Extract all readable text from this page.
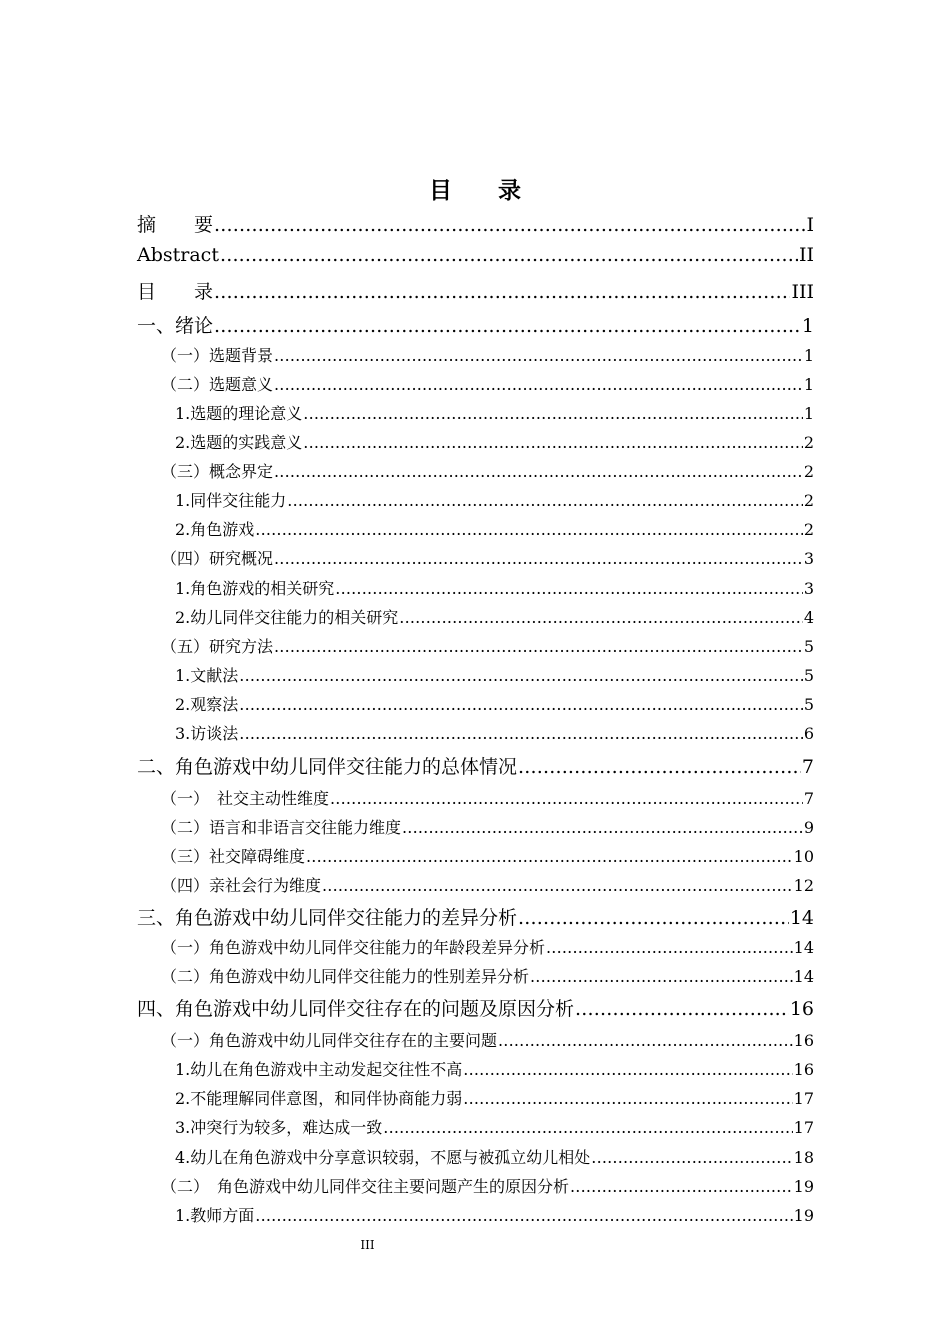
目　　录
摘　　要 .....	I
Abstract .....	II
目　　录 .....	III
一、绪论 .....	1
（一）选题背景 .....	1
（二）选题意义 .....	1
1.选题的理论意义 .....	1
2.选题的实践意义 .....	2
（三）概念界定 .....	2
1.同伴交往能力 .....	2
2.角色游戏 .....	2
（四）研究概况 .....	3
1.角色游戏的相关研究 .....	3
2.幼儿同伴交往能力的相关研究 .....	4
（五）研究方法 .....	5
1.文献法 .....	5
2.观察法 .....	5
3.访谈法 .....	6
二、角色游戏中幼儿同伴交往能力的总体情况 .....	7
（一）　社交主动性维度 .....	7
（二）语言和非语言交往能力维度 .....	9
（三）社交障碍维度 .....	10
（四）亲社会行为维度 .....	12
三、角色游戏中幼儿同伴交往能力的差异分析 .....	14
（一）角色游戏中幼儿同伴交往能力的年龄段差异分析 .....	14
（二）角色游戏中幼儿同伴交往能力的性别差异分析 .....	14
四、角色游戏中幼儿同伴交往存在的问题及原因分析 .....	16
（一）角色游戏中幼儿同伴交往存在的主要问题 .....	16
1.幼儿在角色游戏中主动发起交往性不高 .....	16
2.不能理解同伴意图，和同伴协商能力弱 .....	17
3.冲突行为较多，难达成一致 .....	17
4.幼儿在角色游戏中分享意识较弱，不愿与被孤立幼儿相处 .....	18
（二）　角色游戏中幼儿同伴交往主要问题产生的原因分析 .....	19
1.教师方面 .....	19
III
